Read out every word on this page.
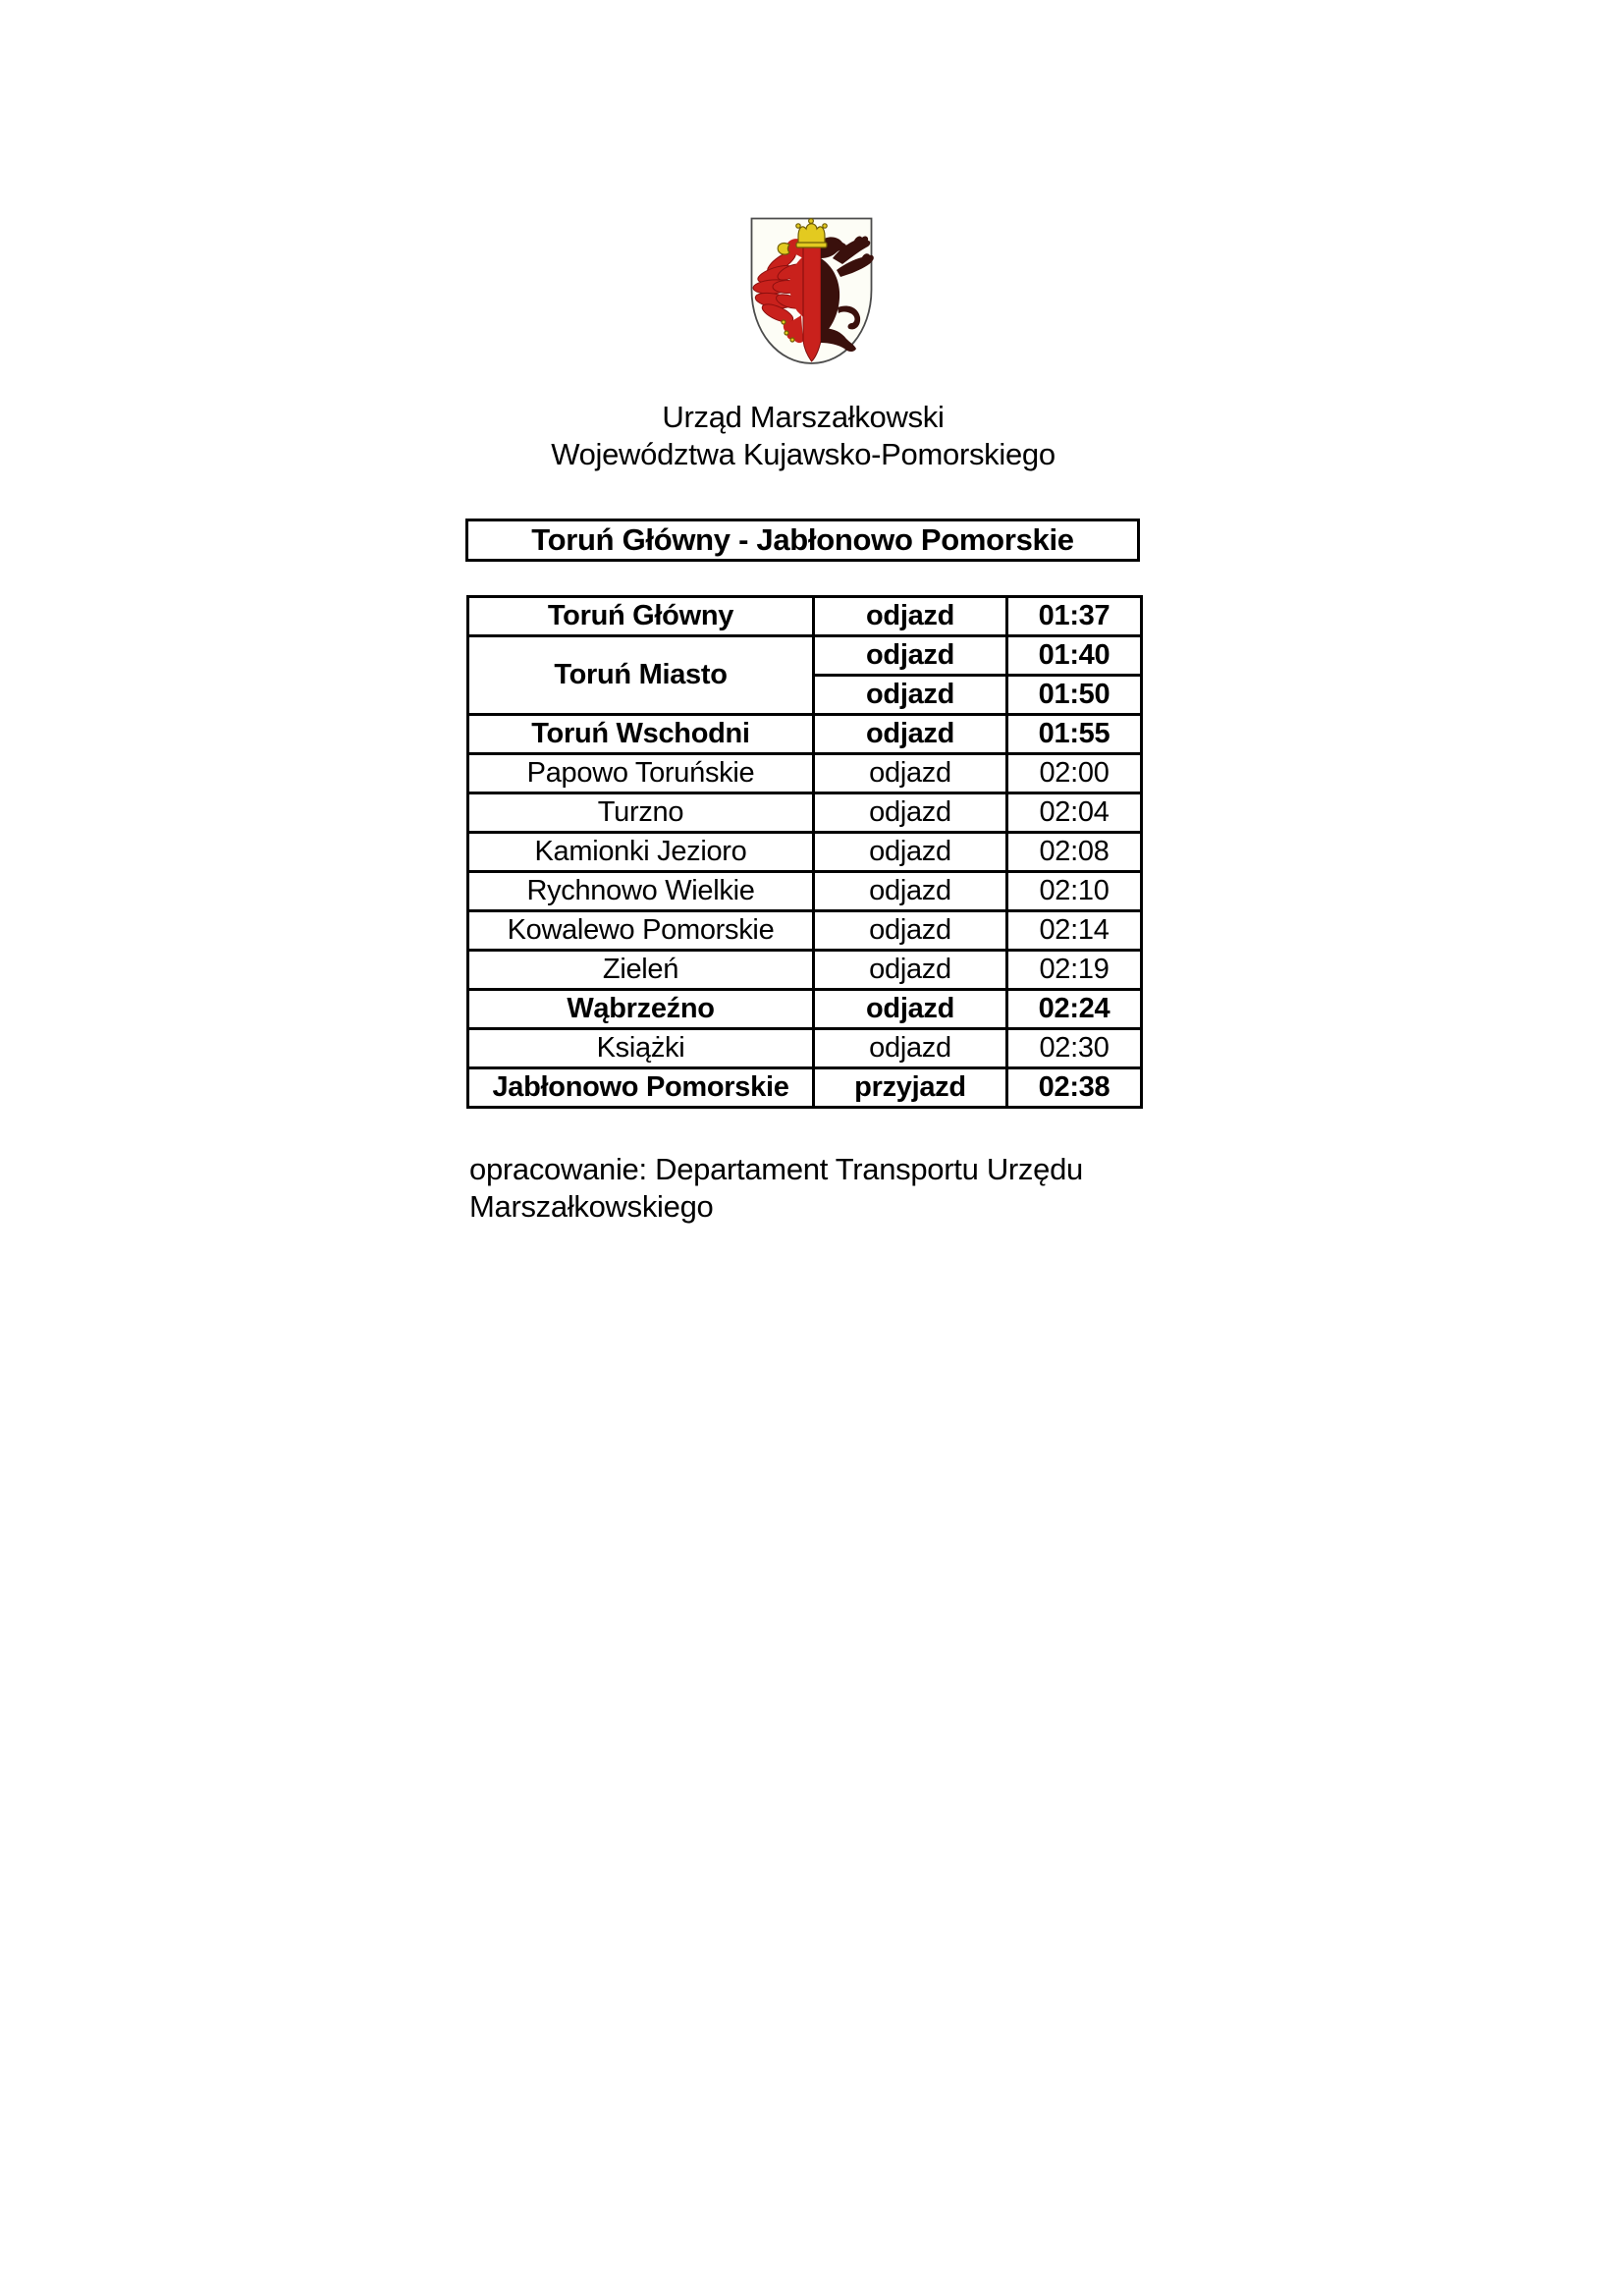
Urząd Marszałkowski
Województwa Kujawsko-Pomorskiego
Toruń Główny - Jabłonowo Pomorskie
Toruń Główny	odjazd	01:37
Toruń Miasto	odjazd	01:40
	odjazd	01:50
Toruń Wschodni	odjazd	01:55
Papowo Toruńskie	odjazd	02:00
Turzno	odjazd	02:04
Kamionki Jezioro	odjazd	02:08
Rychnowo Wielkie	odjazd	02:10
Kowalewo Pomorskie	odjazd	02:14
Zieleń	odjazd	02:19
Wąbrzeźno	odjazd	02:24
Książki	odjazd	02:30
Jabłonowo Pomorskie	przyjazd	02:38
opracowanie: Departament Transportu Urzędu
Marszałkowskiego
